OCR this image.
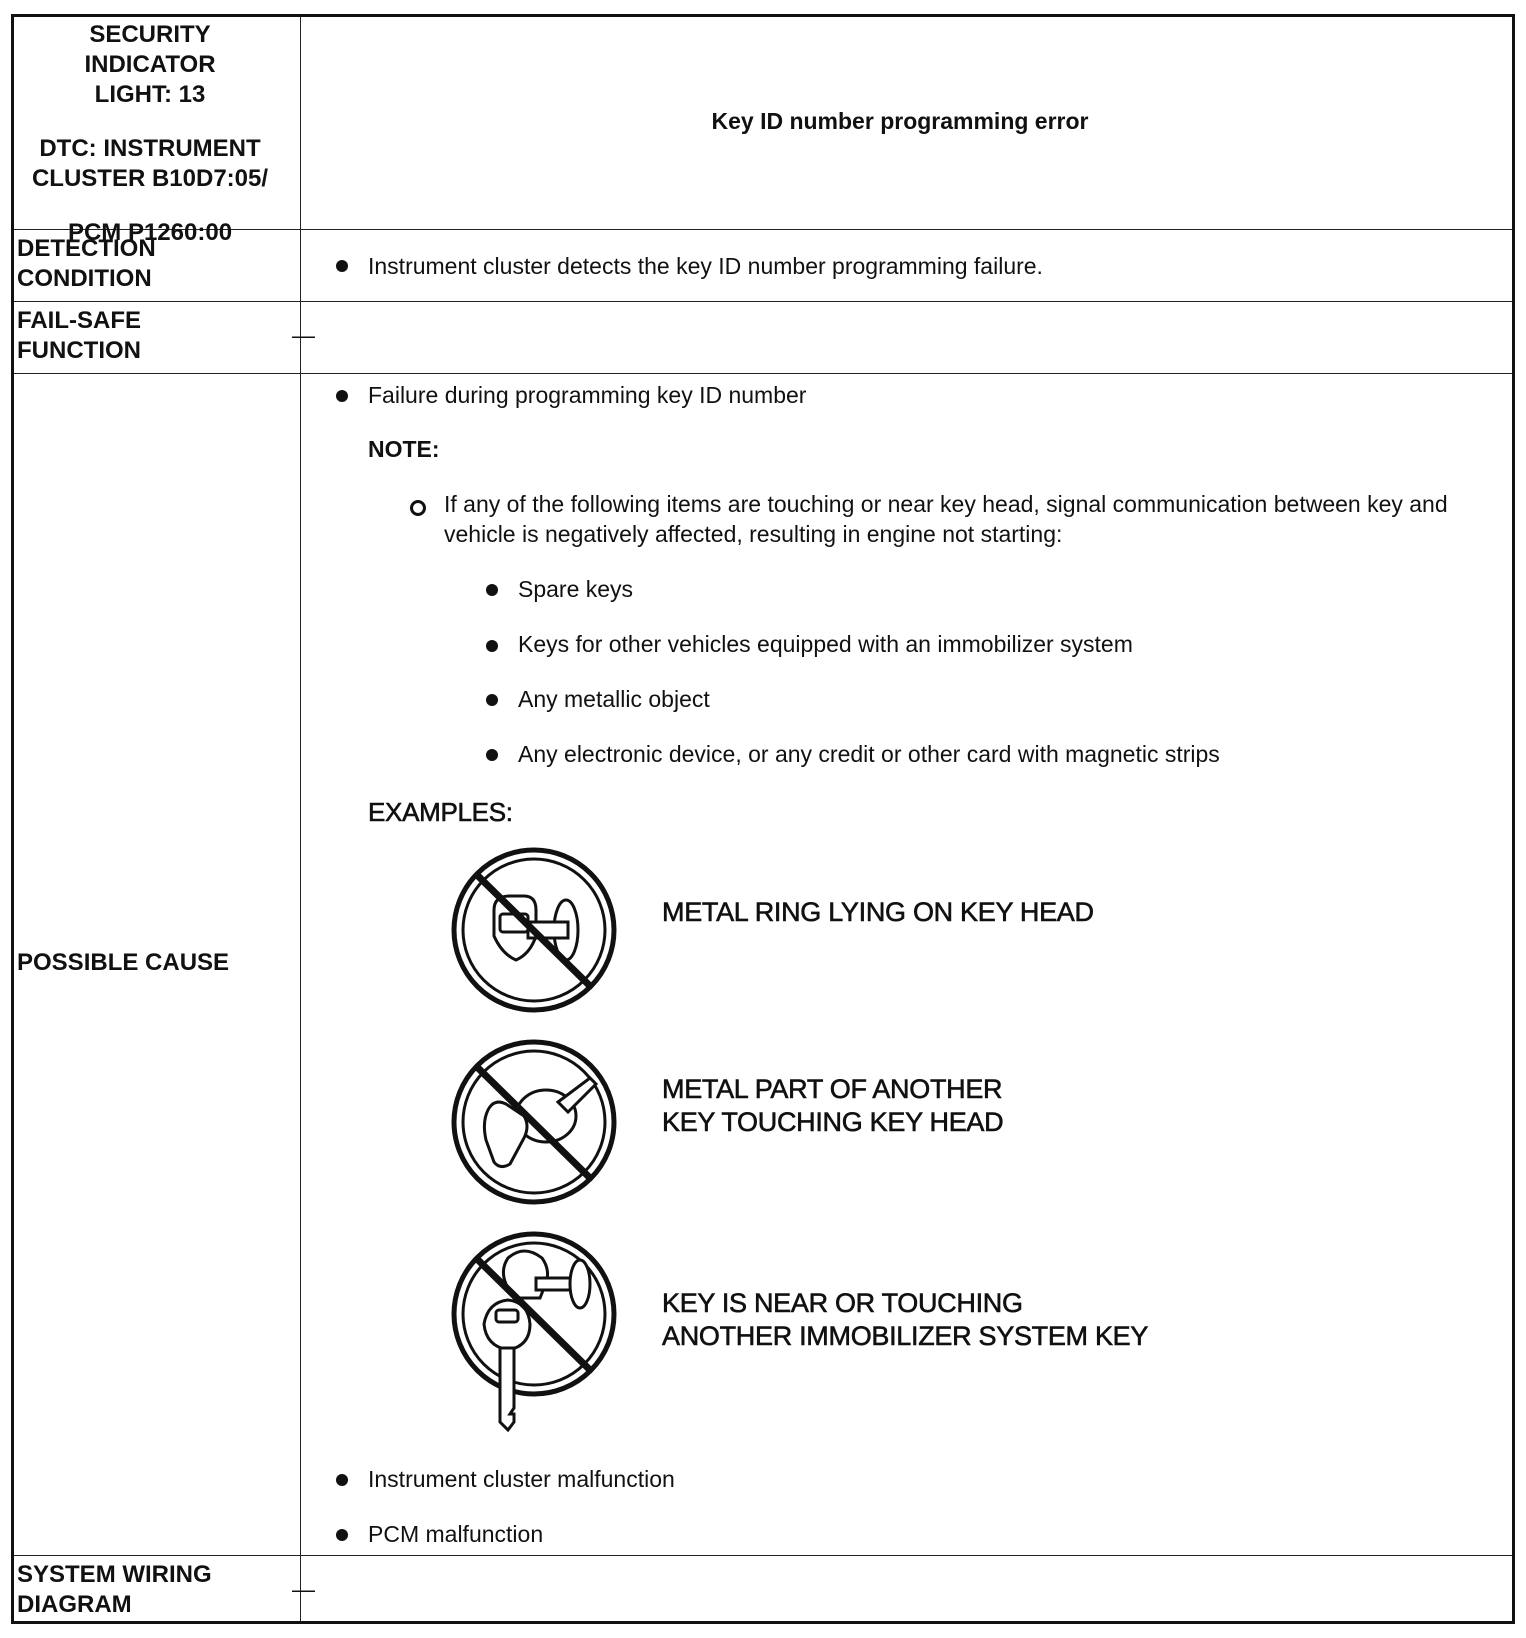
SECURITY INDICATOR LIGHT: 13
DTC: INSTRUMENT CLUSTER B10D7:05/
PCM P1260:00
Key ID number programming error
DETECTION CONDITION	Instrument cluster detects the key ID number programming failure.
FAIL-SAFE FUNCTION
—
POSSIBLE CAUSE
Failure during programming key ID number
NOTE:
If any of the following items are touching or near key head, signal communication between key and vehicle is negatively affected, resulting in engine not starting:
Spare keys
Keys for other vehicles equipped with an immobilizer system
Any metallic object
Any electronic device, or any credit or other card with magnetic strips
EXAMPLES:
METAL RING LYING ON KEY HEAD
METAL PART OF ANOTHER
KEY TOUCHING KEY HEAD
KEY IS NEAR OR TOUCHING
ANOTHER IMMOBILIZER SYSTEM KEY
Instrument cluster malfunction
PCM malfunction
SYSTEM WIRING DIAGRAM
—
